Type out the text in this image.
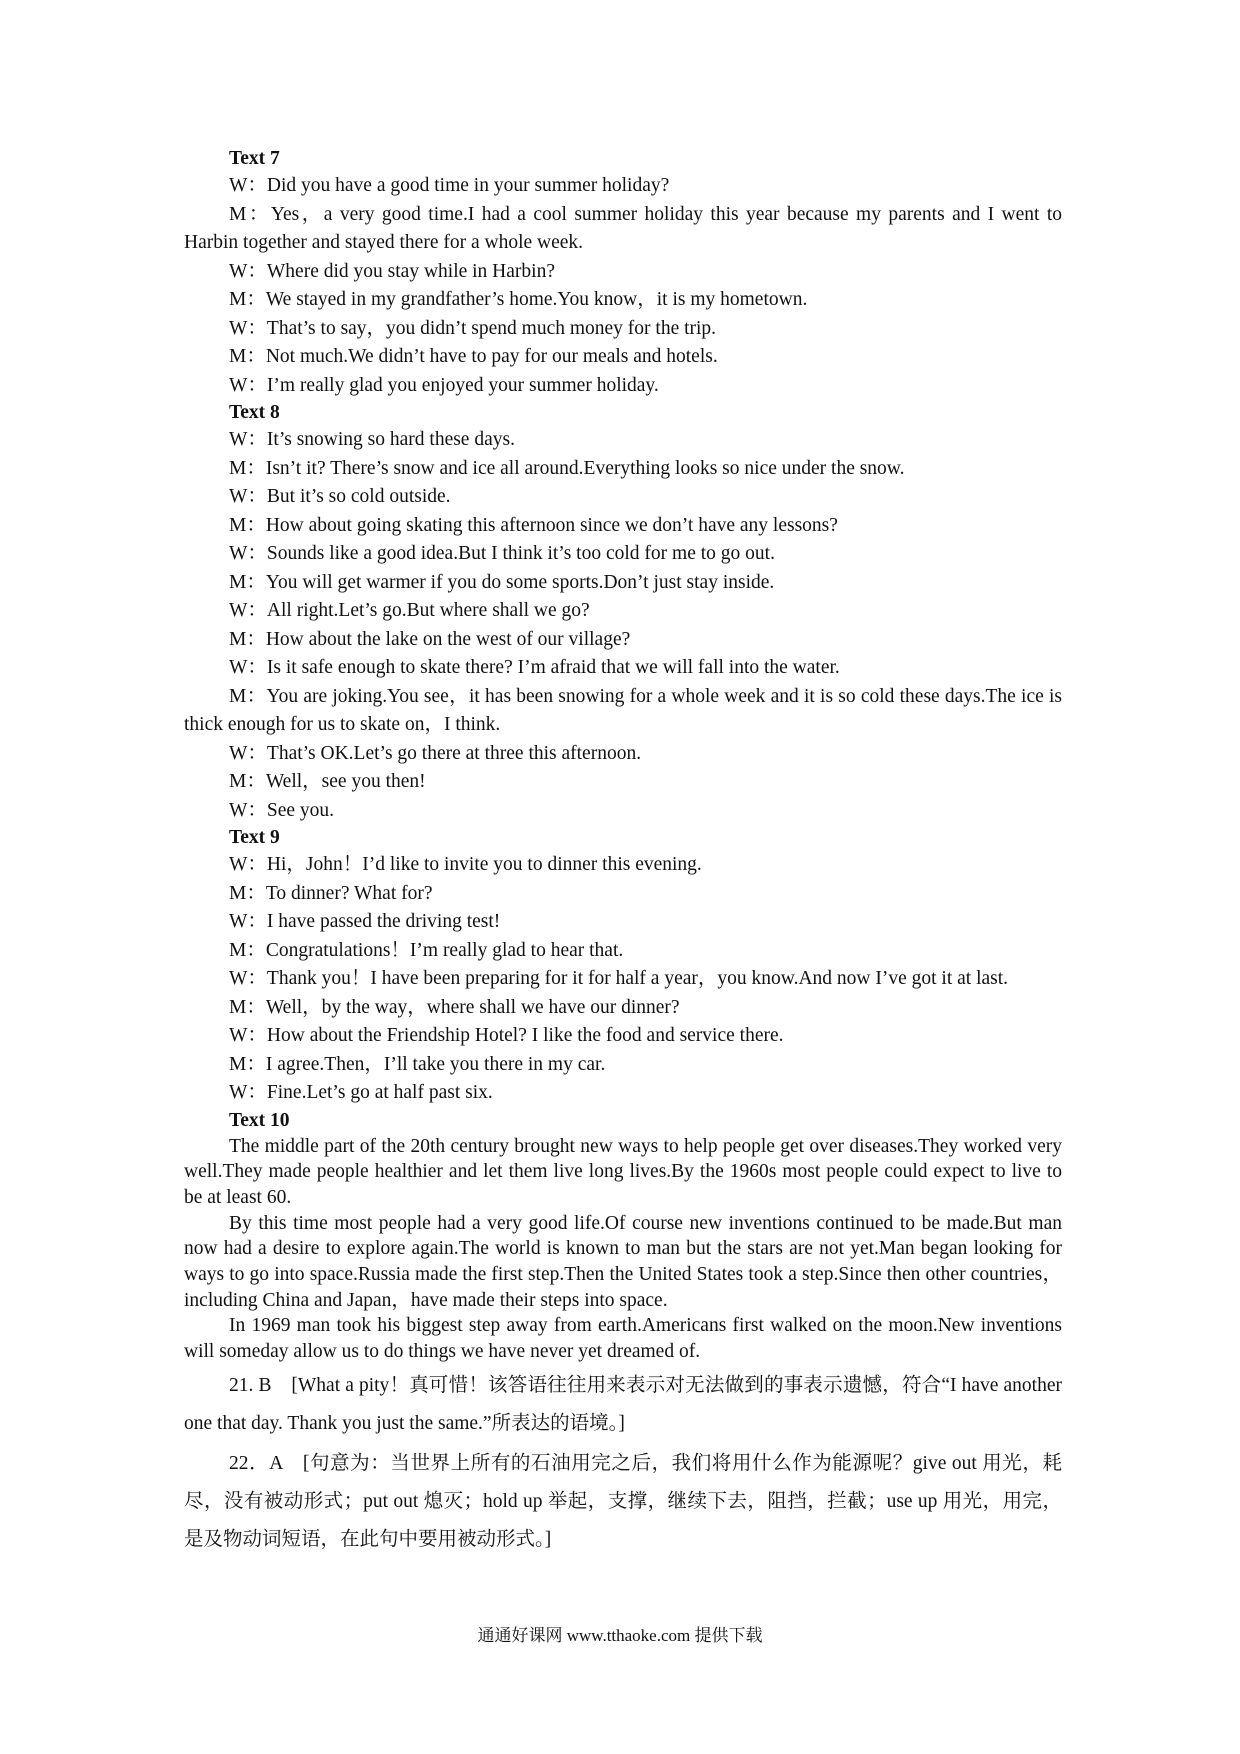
Text 7
W：Did you have a good time in your summer holiday?
M：Yes，a very good time.I had a cool summer holiday this year because my parents and I went to Harbin together and stayed there for a whole week.
W：Where did you stay while in Harbin?
M：We stayed in my grandfather’s home.You know，it is my hometown.
W：That’s to say，you didn’t spend much money for the trip.
M：Not much.We didn’t have to pay for our meals and hotels.
W：I’m really glad you enjoyed your summer holiday.
Text 8
W：It’s snowing so hard these days.
M：Isn’t it? There’s snow and ice all around.Everything looks so nice under the snow.
W：But it’s so cold outside.
M：How about going skating this afternoon since we don’t have any lessons?
W：Sounds like a good idea.But I think it’s too cold for me to go out.
M：You will get warmer if you do some sports.Don’t just stay inside.
W：All right.Let’s go.But where shall we go?
M：How about the lake on the west of our village?
W：Is it safe enough to skate there? I’m afraid that we will fall into the water.
M：You are joking.You see，it has been snowing for a whole week and it is so cold these days.The ice is thick enough for us to skate on，I think.
W：That’s OK.Let’s go there at three this afternoon.
M：Well，see you then!
W：See you.
Text 9
W：Hi，John！I’d like to invite you to dinner this evening.
M：To dinner? What for?
W：I have passed the driving test!
M：Congratulations！I’m really glad to hear that.
W：Thank you！I have been preparing for it for half a year，you know.And now I’ve got it at last.
M：Well，by the way，where shall we have our dinner?
W：How about the Friendship Hotel? I like the food and service there.
M：I agree.Then，I’ll take you there in my car.
W：Fine.Let’s go at half past six.
Text 10
The middle part of the 20th century brought new ways to help people get over diseases.They worked very well.They made people healthier and let them live long lives.By the 1960s most people could expect to live to be at least 60.
By this time most people had a very good life.Of course new inventions continued to be made.But man now had a desire to explore again.The world is known to man but the stars are not yet.Man began looking for ways to go into space.Russia made the first step.Then the United States took a step.Since then other countries，including China and Japan，have made their steps into space.
In 1969 man took his biggest step away from earth.Americans first walked on the moon.New inventions will someday allow us to do things we have never yet dreamed of.
21. B　[What a pity！真可惜！该答语往往用来表示对无法做到的事表示遗憾，符合“I have another one that day. Thank you just the same.”所表达的语境。]
22．A　[句意为：当世界上所有的石油用完之后，我们将用什么作为能源呢？give out 用光，耗尽，没有被动形式；put out 熄灭；hold up 举起，支撑，继续下去，阻挡，拦截；use up 用光，用完，是及物动词短语，在此句中要用被动形式。]
通通好课网 www.tthaoke.com 提供下载
